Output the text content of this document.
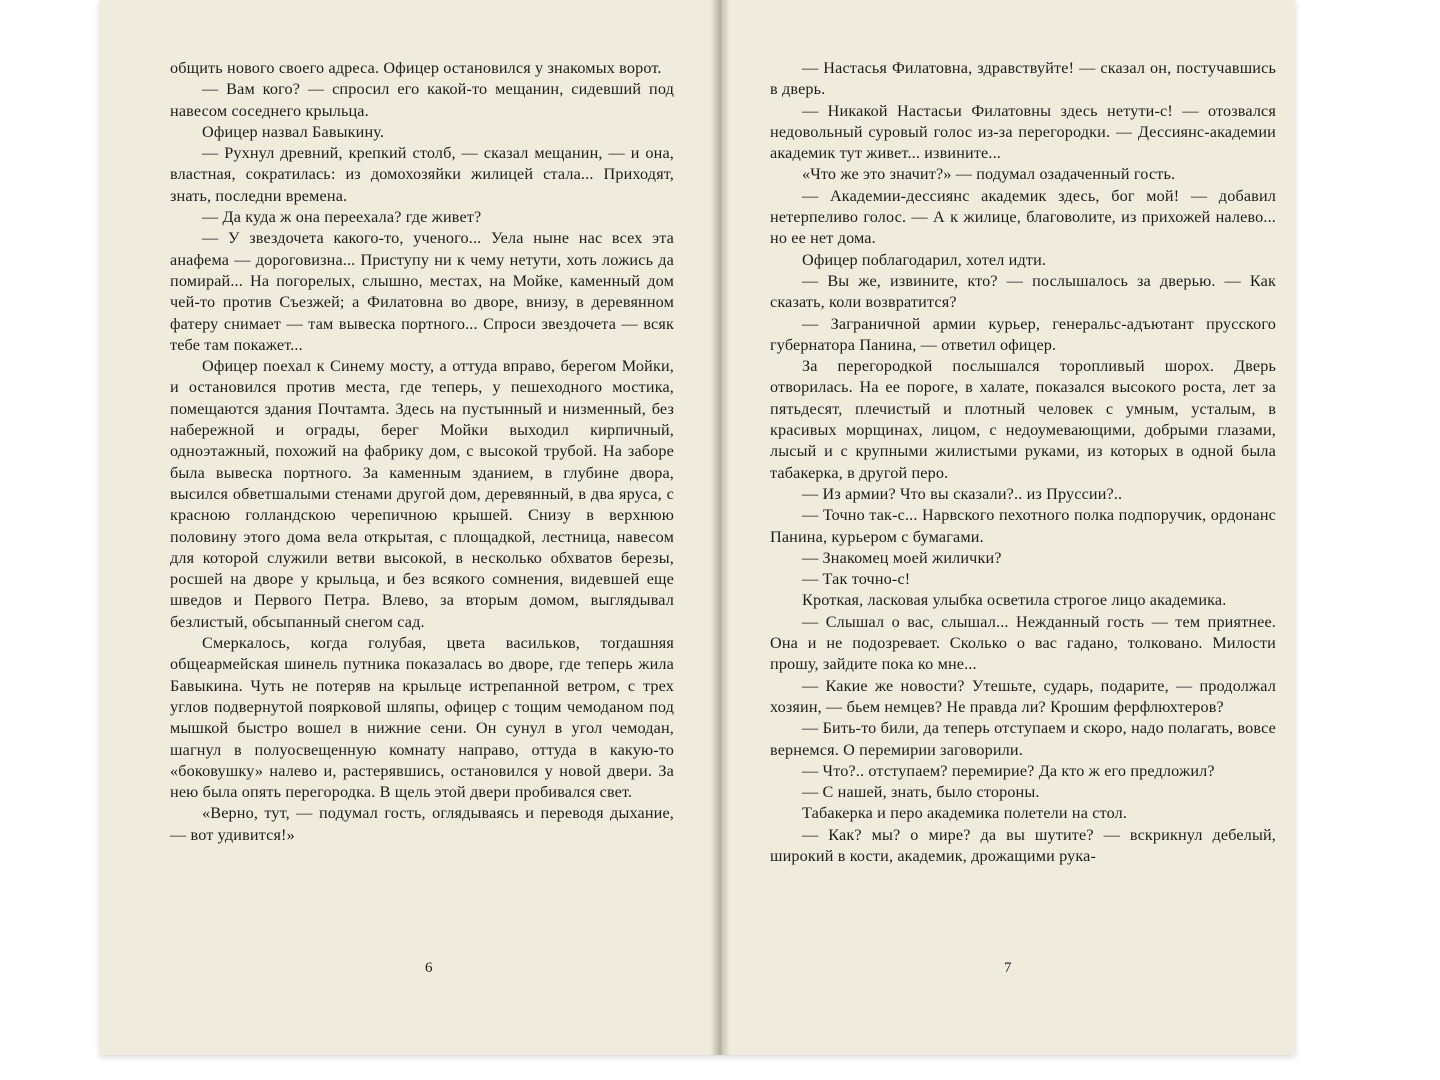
общить нового своего адреса. Офицер остановился у знакомых ворот.

— Вам кого? — спросил его какой-то мещанин, сидевший под навесом соседнего крыльца.

Офицер назвал Бавыкину.

— Рухнул древний, крепкий столб, — сказал мещанин, — и она, властная, сократилась: из домохозяйки жилицей стала... Приходят, знать, последни времена.

— Да куда ж она переехала? где живет?

— У звездочета какого-то, ученого... Уела ныне нас всех эта анафема — дороговизна... Приступу ни к чему нетути, хоть ложись да помирай... На погорелых, слышно, местах, на Мойке, каменный дом чей-то против Съезжей; а Филатовна во дворе, внизу, в деревянном фатеру снимает — там вывеска портного... Спроси звездочета — всяк тебе там покажет...

Офицер поехал к Синему мосту, а оттуда вправо, берегом Мойки, и остановился против места, где теперь, у пешеходного мостика, помещаются здания Почтамта. Здесь на пустынный и низменный, без набережной и ограды, берег Мойки выходил кирпичный, одноэтажный, похожий на фабрику дом, с высокой трубой. На заборе была вывеска портного. За каменным зданием, в глубине двора, высился обветшалыми стенами другой дом, деревянный, в два яруса, с красною голландскою черепичною крышей. Снизу в верхнюю половину этого дома вела открытая, с площадкой, лестница, навесом для которой служили ветви высокой, в несколько обхватов березы, росшей на дворе у крыльца, и без всякого сомнения, видевшей еще шведов и Первого Петра. Влево, за вторым домом, выглядывал безлистый, обсыпанный снегом сад.

Смеркалось, когда голубая, цвета васильков, тогдашняя общеармейская шинель путника показалась во дворе, где теперь жила Бавыкина. Чуть не потеряв на крыльце истрепанной ветром, с трех углов подвернутой поярковой шляпы, офицер с тощим чемоданом под мышкой быстро вошел в нижние сени. Он сунул в угол чемодан, шагнул в полуосвещенную комнату направо, оттуда в какую-то «боковушку» налево и, растерявшись, остановился у новой двери. За нею была опять перегородка. В щель этой двери пробивался свет.

«Верно, тут, — подумал гость, оглядываясь и переводя дыхание, — вот удивится!»

6

— Настасья Филатовна, здравствуйте! — сказал он, постучавшись в дверь.

— Никакой Настасьи Филатовны здесь нетути-с! — отозвался недовольный суровый голос из-за перегородки. — Дессиянс-академии академик тут живет... извините...

«Что же это значит?» — подумал озадаченный гость.

— Академии-дессиянс академик здесь, бог мой! — добавил нетерпеливо голос. — А к жилице, благоволите, из прихожей налево... но ее нет дома.

Офицер поблагодарил, хотел идти.

— Вы же, извините, кто? — послышалось за дверью. — Как сказать, коли возвратится?

— Заграничной армии курьер, генеральс-адъютант прусского губернатора Панина, — ответил офицер.

За перегородкой послышался торопливый шорох. Дверь отворилась. На ее пороге, в халате, показался высокого роста, лет за пятьдесят, плечистый и плотный человек с умным, усталым, в красивых морщинах, лицом, с недоумевающими, добрыми глазами, лысый и с крупными жилистыми руками, из которых в одной была табакерка, в другой перо.

— Из армии? Что вы сказали?.. из Пруссии?..

— Точно так-с... Нарвского пехотного полка подпоручик, ордонанс Панина, курьером с бумагами.

— Знакомец моей жилички?

— Так точно-с!

Кроткая, ласковая улыбка осветила строгое лицо академика.

— Слышал о вас, слышал... Нежданный гость — тем приятнее. Она и не подозревает. Сколько о вас гадано, толковано. Милости прошу, зайдите пока ко мне...

— Какие же новости? Утешьте, сударь, подарите, — продолжал хозяин, — бьем немцев? Не правда ли? Крошим ферфлюхтеров?

— Бить-то били, да теперь отступаем и скоро, надо полагать, вовсе вернемся. О перемирии заговорили.

— Что?.. отступаем? перемирие? Да кто ж его предложил?

— С нашей, знать, было стороны.

Табакерка и перо академика полетели на стол.

— Как? мы? о мире? да вы шутите? — вскрикнул дебелый, широкий в кости, академик, дрожащими рука-

7
